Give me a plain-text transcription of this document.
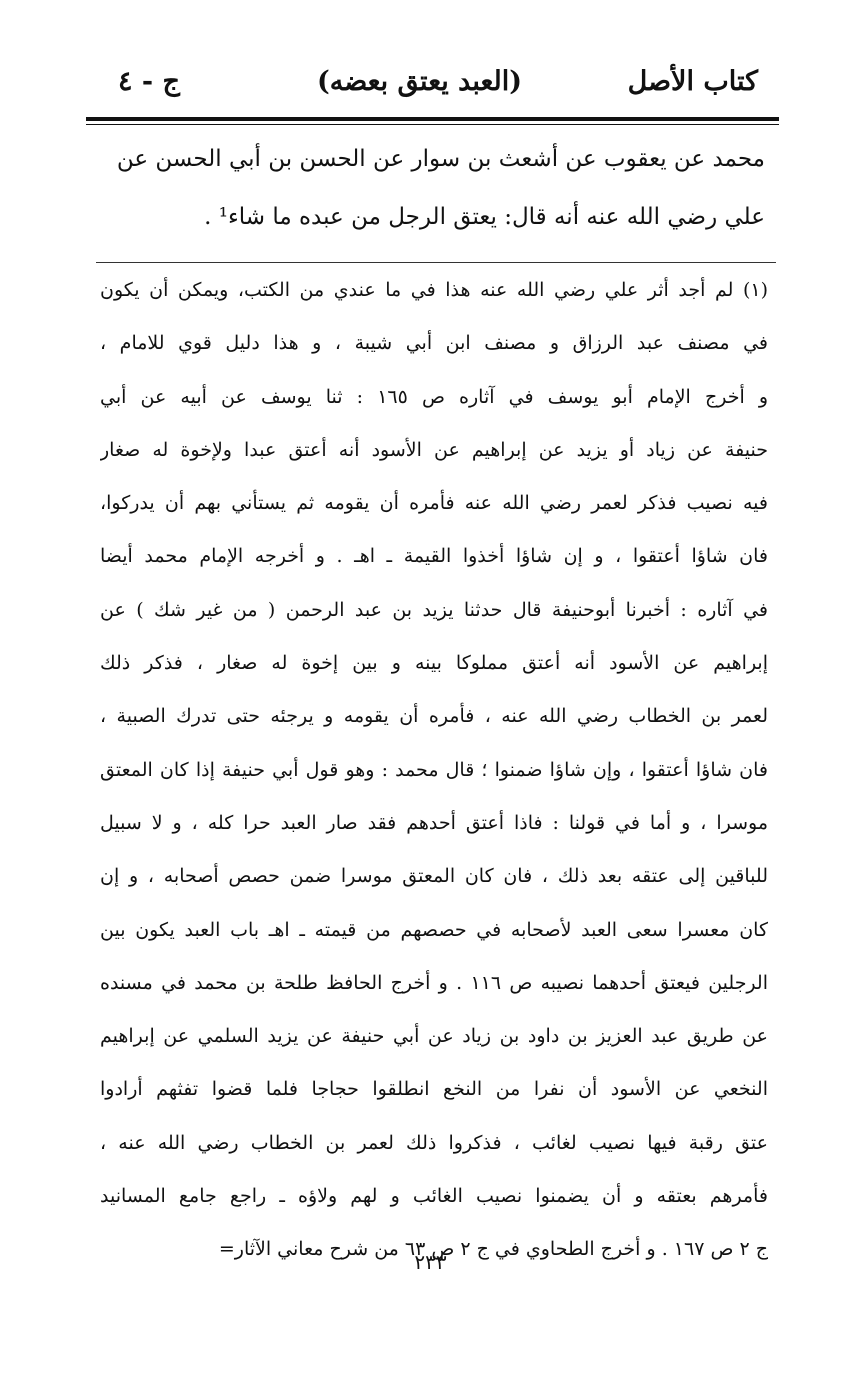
كتاب الأصل
(العبد يعتق بعضه)
ج - ٤

محمد عن يعقوب عن أشعث بن سوار عن الحسن بن أبي الحسن عن

علي رضي الله عنه أنه قال: يعتق الرجل من عبده ما شاء¹ .

(١) لم أجد أثر علي رضي الله عنه هذا في ما عندي من الكتب، ويمكن أن يكون
في مصنف عبد الرزاق و مصنف ابن أبي شيبة ، و هذا دليل قوي للامام ،
و أخرج الإمام أبو يوسف في آثاره ص ١٦٥ : ثنا يوسف عن أبيه عن أبي
حنيفة عن زياد أو يزيد عن إبراهيم عن الأسود أنه أعتق عبدا ولإخوة له صغار
فيه نصيب فذكر لعمر رضي الله عنه فأمره أن يقومه ثم يستأني بهم أن يدركوا،
فان شاؤا أعتقوا ، و إن شاؤا أخذوا القيمة ـ اهـ . و أخرجه الإمام محمد أيضا
في آثاره : أخبرنا أبوحنيفة قال حدثنا يزيد بن عبد الرحمن ( من غير شك ) عن
إبراهيم عن الأسود أنه أعتق مملوكا بينه و بين إخوة له صغار ، فذكر ذلك
لعمر بن الخطاب رضي الله عنه ، فأمره أن يقومه و يرجئه حتى تدرك الصبية ،
فان شاؤا أعتقوا ، وإن شاؤا ضمنوا ؛ قال محمد : وهو قول أبي حنيفة إذا كان المعتق
موسرا ، و أما في قولنا : فاذا أعتق أحدهم فقد صار العبد حرا كله ، و لا سبيل
للباقين إلى عتقه بعد ذلك ، فان كان المعتق موسرا ضمن حصص أصحابه ، و إن
كان معسرا سعى العبد لأصحابه في حصصهم من قيمته ـ اهـ باب العبد يكون بين
الرجلين فيعتق أحدهما نصيبه ص ١١٦ . و أخرج الحافظ طلحة بن محمد في مسنده
عن طريق عبد العزيز بن داود بن زياد عن أبي حنيفة عن يزيد السلمي عن إبراهيم
النخعي عن الأسود أن نفرا من النخع انطلقوا حجاجا فلما قضوا تفثهم أرادوا
عتق رقبة فيها نصيب لغائب ، فذكروا ذلك لعمر بن الخطاب رضي الله عنه ،
فأمرهم بعتقه و أن يضمنوا نصيب الغائب و لهم ولاؤه ـ راجع جامع المسانيد
ج ٢ ص ١٦٧ . و أخرج الطحاوي في ج ٢ ص ٦٣ من شرح معاني الآثار=
٢٣٣
